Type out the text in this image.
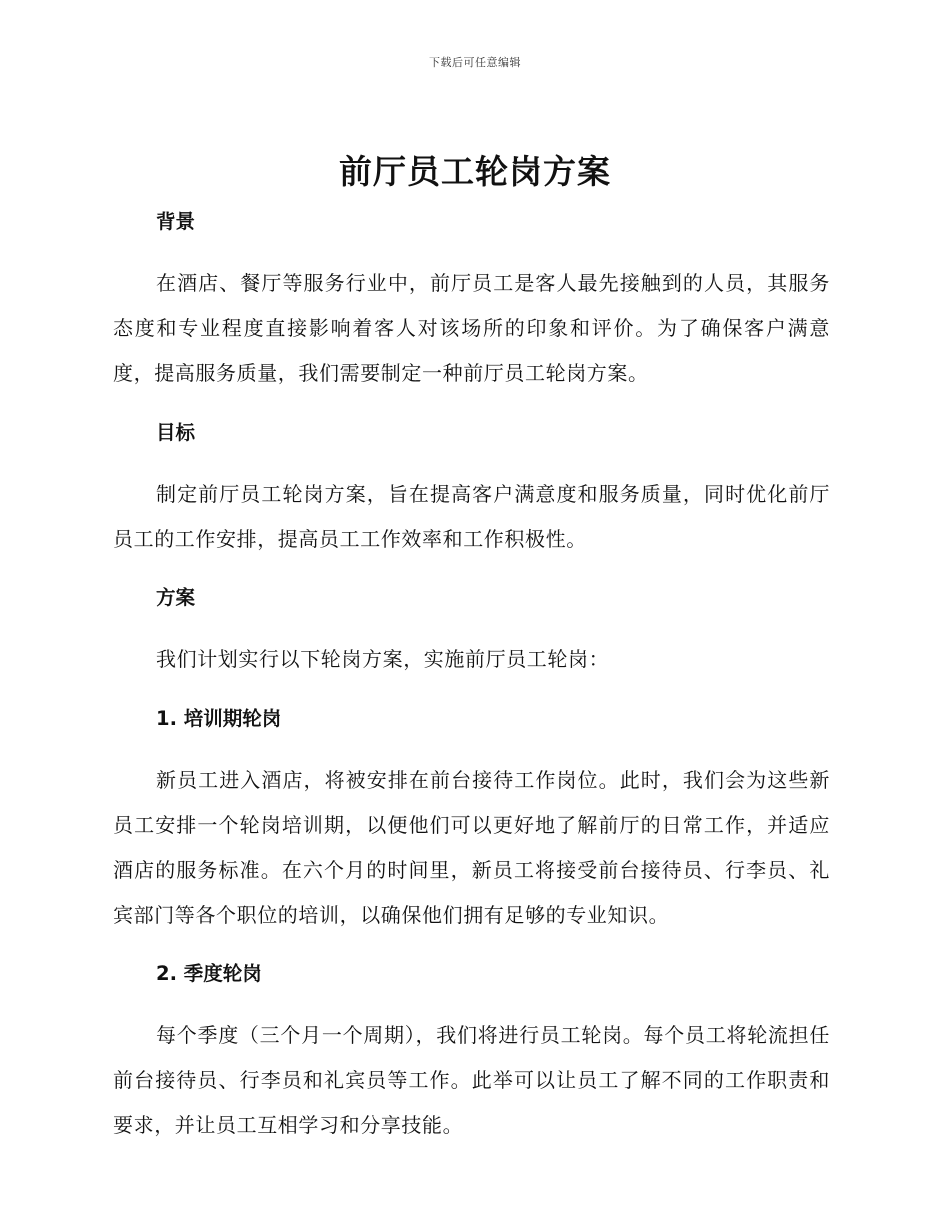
下载后可任意编辑
前厅员工轮岗方案
背景

在酒店、餐厅等服务行业中，前厅员工是客人最先接触到的人员，其服务态度和专业程度直接影响着客人对该场所的印象和评价。为了确保客户满意度，提高服务质量，我们需要制定一种前厅员工轮岗方案。

目标

制定前厅员工轮岗方案，旨在提高客户满意度和服务质量，同时优化前厅员工的工作安排，提高员工工作效率和工作积极性。

方案

我们计划实行以下轮岗方案，实施前厅员工轮岗：

1. 培训期轮岗

新员工进入酒店，将被安排在前台接待工作岗位。此时，我们会为这些新员工安排一个轮岗培训期，以便他们可以更好地了解前厅的日常工作，并适应酒店的服务标准。在六个月的时间里，新员工将接受前台接待员、行李员、礼宾部门等各个职位的培训，以确保他们拥有足够的专业知识。

2. 季度轮岗

每个季度（三个月一个周期），我们将进行员工轮岗。每个员工将轮流担任前台接待员、行李员和礼宾员等工作。此举可以让员工了解不同的工作职责和要求，并让员工互相学习和分享技能。
